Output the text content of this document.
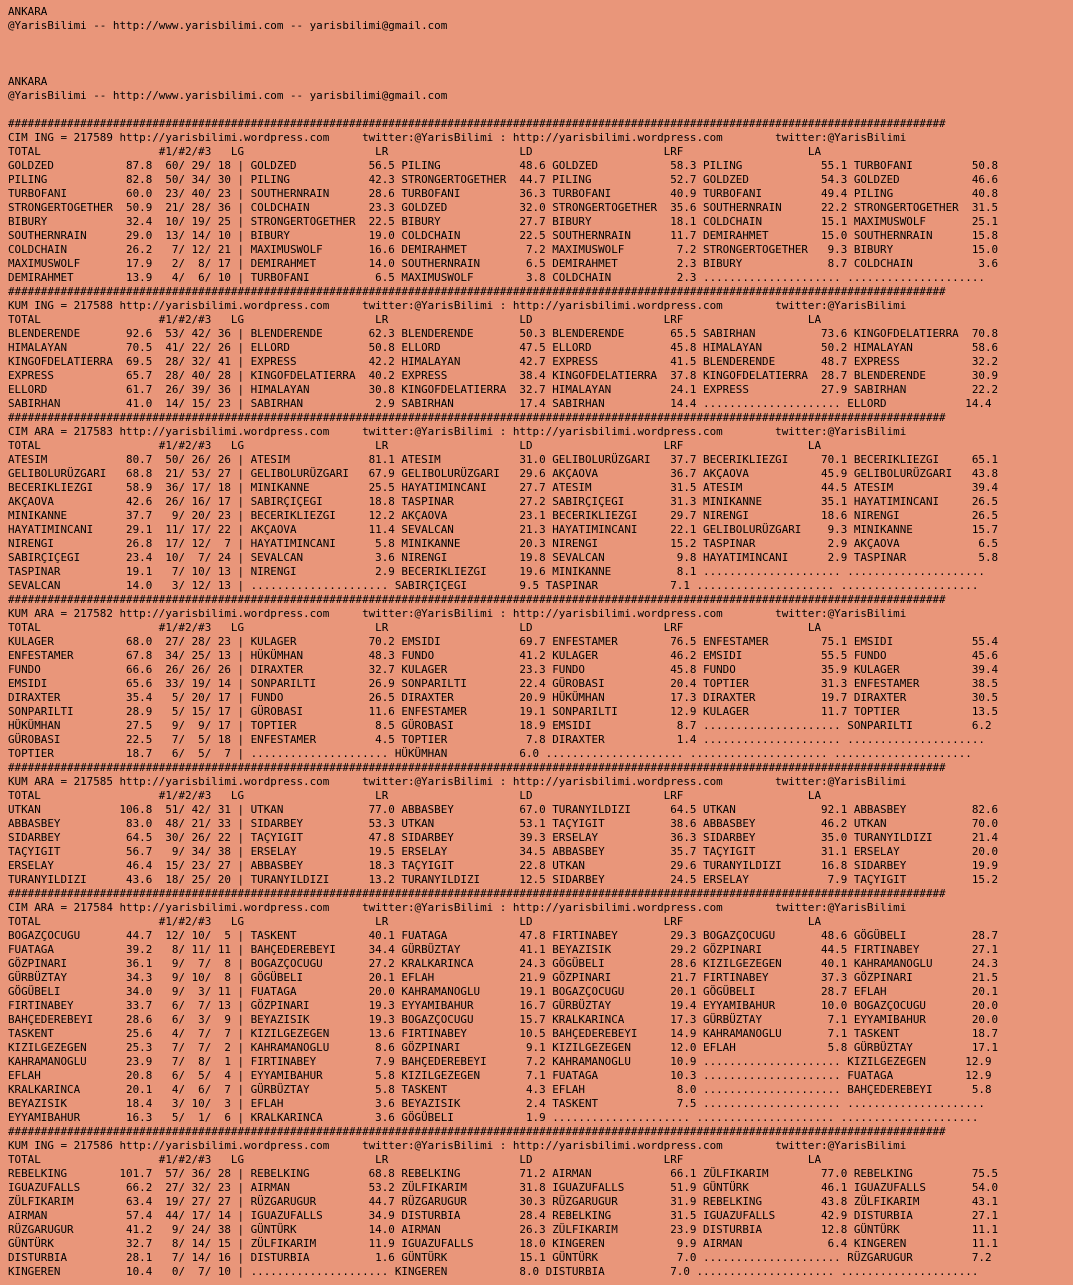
ANKARA
@YarisBilimi -- http://www.yarisbilimi.com -- yarisbilimi@gmail.com
ANKARA
@YarisBilimi -- http://www.yarisbilimi.com -- yarisbilimi@gmail.com
###############################################################################################################################################
CIM ING = 217589 http://yarisbilimi.wordpress.com     twitter:@YarisBilimi : http://yarisbilimi.wordpress.com        twitter:@YarisBilimi
TOTAL                  #1/#2/#3   LG                    LR                    LD                    LRF                   LA
GOLDZED           87.8  60/ 29/ 18 | GOLDZED           56.5 PILING            48.6 GOLDZED           58.3 PILING            55.1 TURBOFANI         50.8
PILING            82.8  50/ 34/ 30 | PILING            42.3 STRONGERTOGETHER  44.7 PILING            52.7 GOLDZED           54.3 GOLDZED           46.6
TURBOFANI         60.0  23/ 40/ 23 | SOUTHERNRAIN      28.6 TURBOFANI         36.3 TURBOFANI         40.9 TURBOFANI         49.4 PILING            40.8
STRONGERTOGETHER  50.9  21/ 28/ 36 | COLDCHAIN         23.3 GOLDZED           32.0 STRONGERTOGETHER  35.6 SOUTHERNRAIN      22.2 STRONGERTOGETHER  31.5
BIBURY            32.4  10/ 19/ 25 | STRONGERTOGETHER  22.5 BIBURY            27.7 BIBURY            18.1 COLDCHAIN         15.1 MAXIMUSWOLF       25.1
SOUTHERNRAIN      29.0  13/ 14/ 10 | BIBURY            19.0 COLDCHAIN         22.5 SOUTHERNRAIN      11.7 DEMIRAHMET        15.0 SOUTHERNRAIN      15.8
COLDCHAIN         26.2   7/ 12/ 21 | MAXIMUSWOLF       16.6 DEMIRAHMET         7.2 MAXIMUSWOLF        7.2 STRONGERTOGETHER   9.3 BIBURY            15.0
MAXIMUSWOLF       17.9   2/  8/ 17 | DEMIRAHMET        14.0 SOUTHERNRAIN       6.5 DEMIRAHMET         2.3 BIBURY             8.7 COLDCHAIN          3.6
DEMIRAHMET        13.9   4/  6/ 10 | TURBOFANI          6.5 MAXIMUSWOLF        3.8 COLDCHAIN          2.3 ..................... .....................
###############################################################################################################################################
KUM ING = 217588 http://yarisbilimi.wordpress.com     twitter:@YarisBilimi : http://yarisbilimi.wordpress.com        twitter:@YarisBilimi
TOTAL                  #1/#2/#3   LG                    LR                    LD                    LRF                   LA
BLENDERENDE       92.6  53/ 42/ 36 | BLENDERENDE       62.3 BLENDERENDE       50.3 BLENDERENDE       65.5 SABIRHAN          73.6 KINGOFDELATIERRA  70.8
HIMALAYAN         70.5  41/ 22/ 26 | ELLORD            50.8 ELLORD            47.5 ELLORD            45.8 HIMALAYAN         50.2 HIMALAYAN         58.6
KINGOFDELATIERRA  69.5  28/ 32/ 41 | EXPRESS           42.2 HIMALAYAN         42.7 EXPRESS           41.5 BLENDERENDE       48.7 EXPRESS           32.2
EXPRESS           65.7  28/ 40/ 28 | KINGOFDELATIERRA  40.2 EXPRESS           38.4 KINGOFDELATIERRA  37.8 KINGOFDELATIERRA  28.7 BLENDERENDE       30.9
ELLORD            61.7  26/ 39/ 36 | HIMALAYAN         30.8 KINGOFDELATIERRA  32.7 HIMALAYAN         24.1 EXPRESS           27.9 SABIRHAN          22.2
SABIRHAN          41.0  14/ 15/ 23 | SABIRHAN           2.9 SABIRHAN          17.4 SABIRHAN          14.4 ..................... ELLORD            14.4
###############################################################################################################################################
CIM ARA = 217583 http://yarisbilimi.wordpress.com     twitter:@YarisBilimi : http://yarisbilimi.wordpress.com        twitter:@YarisBilimi
TOTAL                  #1/#2/#3   LG                    LR                    LD                    LRF                   LA
ATESIM            80.7  50/ 26/ 26 | ATESIM            81.1 ATESIM            31.0 GELIBOLURÜZGARI   37.7 BECERIKLIEZGI     70.1 BECERIKLIEZGI     65.1
GELIBOLURÜZGARI   68.8  21/ 53/ 27 | GELIBOLURÜZGARI   67.9 GELIBOLURÜZGARI   29.6 AKÇAOVA           36.7 AKÇAOVA           45.9 GELIBOLURÜZGARI   43.8
BECERIKLIEZGI     58.9  36/ 17/ 18 | MINIKANNE         25.5 HAYATIMINCANI     27.7 ATESIM            31.5 ATESIM            44.5 ATESIM            39.4
AKÇAOVA           42.6  26/ 16/ 17 | SABIRÇIÇEGI       18.8 TASPINAR          27.2 SABIRÇIÇEGI       31.3 MINIKANNE         35.1 HAYATIMINCANI     26.5
MINIKANNE         37.7   9/ 20/ 23 | BECERIKLIEZGI     12.2 AKÇAOVA           23.1 BECERIKLIEZGI     29.7 NIRENGI           18.6 NIRENGI           26.5
HAYATIMINCANI     29.1  11/ 17/ 22 | AKÇAOVA           11.4 SEVALCAN          21.3 HAYATIMINCANI     22.1 GELIBOLURÜZGARI    9.3 MINIKANNE         15.7
NIRENGI           26.8  17/ 12/  7 | HAYATIMINCANI      5.8 MINIKANNE         20.3 NIRENGI           15.2 TASPINAR           2.9 AKÇAOVA            6.5
SABIRÇIÇEGI       23.4  10/  7/ 24 | SEVALCAN           3.6 NIRENGI           19.8 SEVALCAN           9.8 HAYATIMINCANI      2.9 TASPINAR           5.8
TASPINAR          19.1   7/ 10/ 13 | NIRENGI            2.9 BECERIKLIEZGI     19.6 MINIKANNE          8.1 ..................... .....................
SEVALCAN          14.0   3/ 12/ 13 | ..................... SABIRÇIÇEGI        9.5 TASPINAR           7.1 ..................... .....................
###############################################################################################################################################
KUM ARA = 217582 http://yarisbilimi.wordpress.com     twitter:@YarisBilimi : http://yarisbilimi.wordpress.com        twitter:@YarisBilimi
TOTAL                  #1/#2/#3   LG                    LR                    LD                    LRF                   LA
KULAGER           68.0  27/ 28/ 23 | KULAGER           70.2 EMSIDI            69.7 ENFESTAMER        76.5 ENFESTAMER        75.1 EMSIDI            55.4
ENFESTAMER        67.8  34/ 25/ 13 | HÜKÜMHAN          48.3 FUNDO             41.2 KULAGER           46.2 EMSIDI            55.5 FUNDO             45.6
FUNDO             66.6  26/ 26/ 26 | DIRAXTER          32.7 KULAGER           23.3 FUNDO             45.8 FUNDO             35.9 KULAGER           39.4
EMSIDI            65.6  33/ 19/ 14 | SONPARILTI        26.9 SONPARILTI        22.4 GÜROBASI          20.4 TOPTIER           31.3 ENFESTAMER        38.5
DIRAXTER          35.4   5/ 20/ 17 | FUNDO             26.5 DIRAXTER          20.9 HÜKÜMHAN          17.3 DIRAXTER          19.7 DIRAXTER          30.5
SONPARILTI        28.9   5/ 15/ 17 | GÜROBASI          11.6 ENFESTAMER        19.1 SONPARILTI        12.9 KULAGER           11.7 TOPTIER           13.5
HÜKÜMHAN          27.5   9/  9/ 17 | TOPTIER            8.5 GÜROBASI          18.9 EMSIDI             8.7 ..................... SONPARILTI         6.2
GÜROBASI          22.5   7/  5/ 18 | ENFESTAMER         4.5 TOPTIER            7.8 DIRAXTER           1.4 ..................... .....................
TOPTIER           18.7   6/  5/  7 | ..................... HÜKÜMHAN           6.0 ..................... ..................... .....................
###############################################################################################################################################
KUM ARA = 217585 http://yarisbilimi.wordpress.com     twitter:@YarisBilimi : http://yarisbilimi.wordpress.com        twitter:@YarisBilimi
TOTAL                  #1/#2/#3   LG                    LR                    LD                    LRF                   LA
UTKAN            106.8  51/ 42/ 31 | UTKAN             77.0 ABBASBEY          67.0 TURANYILDIZI      64.5 UTKAN             92.1 ABBASBEY          82.6
ABBASBEY          83.0  48/ 21/ 33 | SIDARBEY          53.3 UTKAN             53.1 TAÇYIGIT          38.6 ABBASBEY          46.2 UTKAN             70.0
SIDARBEY          64.5  30/ 26/ 22 | TAÇYIGIT          47.8 SIDARBEY          39.3 ERSELAY           36.3 SIDARBEY          35.0 TURANYILDIZI      21.4
TAÇYIGIT          56.7   9/ 34/ 38 | ERSELAY           19.5 ERSELAY           34.5 ABBASBEY          35.7 TAÇYIGIT          31.1 ERSELAY           20.0
ERSELAY           46.4  15/ 23/ 27 | ABBASBEY          18.3 TAÇYIGIT          22.8 UTKAN             29.6 TURANYILDIZI      16.8 SIDARBEY          19.9
TURANYILDIZI      43.6  18/ 25/ 20 | TURANYILDIZI      13.2 TURANYILDIZI      12.5 SIDARBEY          24.5 ERSELAY            7.9 TAÇYIGIT          15.2
###############################################################################################################################################
CIM ARA = 217584 http://yarisbilimi.wordpress.com     twitter:@YarisBilimi : http://yarisbilimi.wordpress.com        twitter:@YarisBilimi
TOTAL                  #1/#2/#3   LG                    LR                    LD                    LRF                   LA
BOGAZÇOCUGU       44.7  12/ 10/  5 | TASKENT           40.1 FUATAGA           47.8 FIRTINABEY        29.3 BOGAZÇOCUGU       48.6 GÖGÜBELI          28.7
FUATAGA           39.2   8/ 11/ 11 | BAHÇEDEREBEYI     34.4 GÜRBÜZTAY         41.1 BEYAZISIK         29.2 GÖZPINARI         44.5 FIRTINABEY        27.1
GÖZPINARI         36.1   9/  7/  8 | BOGAZÇOCUGU       27.2 KRALKARINCA       24.3 GÖGÜBELI          28.6 KIZILGEZEGEN      40.1 KAHRAMANOGLU      24.3
GÜRBÜZTAY         34.3   9/ 10/  8 | GÖGÜBELI          20.1 EFLAH             21.9 GÖZPINARI         21.7 FIRTINABEY        37.3 GÖZPINARI         21.5
GÖGÜBELI          34.0   9/  3/ 11 | FUATAGA           20.0 KAHRAMANOGLU      19.1 BOGAZÇOCUGU       20.1 GÖGÜBELI          28.7 EFLAH             20.1
FIRTINABEY        33.7   6/  7/ 13 | GÖZPINARI         19.3 EYYAMIBAHUR       16.7 GÜRBÜZTAY         19.4 EYYAMIBAHUR       10.0 BOGAZÇOCUGU       20.0
BAHÇEDEREBEYI     28.6   6/  3/  9 | BEYAZISIK         19.3 BOGAZÇOCUGU       15.7 KRALKARINCA       17.3 GÜRBÜZTAY          7.1 EYYAMIBAHUR       20.0
TASKENT           25.6   4/  7/  7 | KIZILGEZEGEN      13.6 FIRTINABEY        10.5 BAHÇEDEREBEYI     14.9 KAHRAMANOGLU       7.1 TASKENT           18.7
KIZILGEZEGEN      25.3   7/  7/  2 | KAHRAMANOGLU       8.6 GÖZPINARI          9.1 KIZILGEZEGEN      12.0 EFLAH              5.8 GÜRBÜZTAY         17.1
KAHRAMANOGLU      23.9   7/  8/  1 | FIRTINABEY         7.9 BAHÇEDEREBEYI      7.2 KAHRAMANOGLU      10.9 ..................... KIZILGEZEGEN      12.9
EFLAH             20.8   6/  5/  4 | EYYAMIBAHUR        5.8 KIZILGEZEGEN       7.1 FUATAGA           10.3 ..................... FUATAGA           12.9
KRALKARINCA       20.1   4/  6/  7 | GÜRBÜZTAY          5.8 TASKENT            4.3 EFLAH              8.0 ..................... BAHÇEDEREBEYI      5.8
BEYAZISIK         18.4   3/ 10/  3 | EFLAH              3.6 BEYAZISIK          2.4 TASKENT            7.5 ..................... .....................
EYYAMIBAHUR       16.3   5/  1/  6 | KRALKARINCA        3.6 GÖGÜBELI           1.9 ..................... ..................... .....................
###############################################################################################################################################
KUM ING = 217586 http://yarisbilimi.wordpress.com     twitter:@YarisBilimi : http://yarisbilimi.wordpress.com        twitter:@YarisBilimi
TOTAL                  #1/#2/#3   LG                    LR                    LD                    LRF                   LA
REBELKING        101.7  57/ 36/ 28 | REBELKING         68.8 REBELKING         71.2 AIRMAN            66.1 ZÜLFIKARIM        77.0 REBELKING         75.5
IGUAZUFALLS       66.2  27/ 32/ 23 | AIRMAN            53.2 ZÜLFIKARIM        31.8 IGUAZUFALLS       51.9 GÜNTÜRK           46.1 IGUAZUFALLS       54.0
ZÜLFIKARIM        63.4  19/ 27/ 27 | RÜZGARUGUR        44.7 RÜZGARUGUR        30.3 RÜZGARUGUR        31.9 REBELKING         43.8 ZÜLFIKARIM        43.1
AIRMAN            57.4  44/ 17/ 14 | IGUAZUFALLS       34.9 DISTURBIA         28.4 REBELKING         31.5 IGUAZUFALLS       42.9 DISTURBIA         27.1
RÜZGARUGUR        41.2   9/ 24/ 38 | GÜNTÜRK           14.0 AIRMAN            26.3 ZÜLFIKARIM        23.9 DISTURBIA         12.8 GÜNTÜRK           11.1
GÜNTÜRK           32.7   8/ 14/ 15 | ZÜLFIKARIM        11.9 IGUAZUFALLS       18.0 KINGEREN           9.9 AIRMAN             6.4 KINGEREN          11.1
DISTURBIA         28.1   7/ 14/ 16 | DISTURBIA          1.6 GÜNTÜRK           15.1 GÜNTÜRK            7.0 ..................... RÜZGARUGUR         7.2
KINGEREN          10.4   0/  7/ 10 | ..................... KINGEREN           8.0 DISTURBIA          7.0 ..................... .....................
